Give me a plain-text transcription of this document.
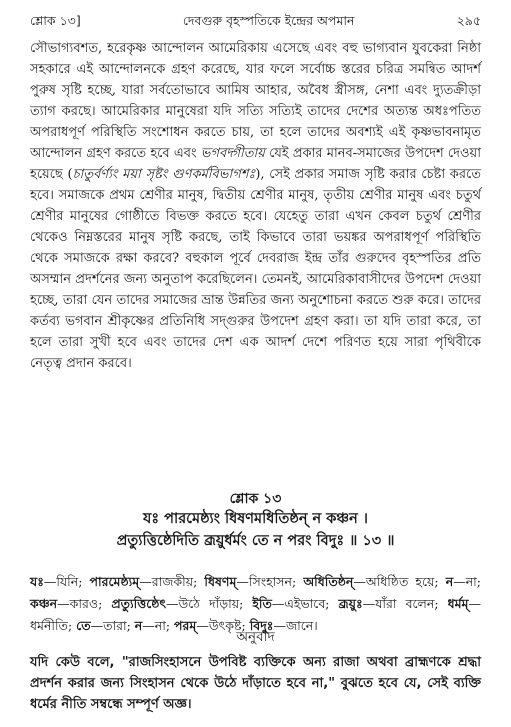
শ্লোক ১৩]	দেবগুরু বৃহস্পতিকে ইন্দ্রের অপমান	২৯৫
সৌভাগ্যবশত, হরেকৃষ্ণ আন্দোলন আমেরিকায় এসেছে এবং বহু ভাগ্যবান যুবকেরা নিষ্ঠা সহকারে এই আন্দোলনকে গ্রহণ করেছে, যার ফলে সর্বোচ্চ স্তরের চরিত্র সমন্বিত আদর্শ পুরুষ সৃষ্টি হচ্ছে, যারা সর্বতোভাবে আমিষ আহার, অবৈধ স্ত্রীসঙ্গ, নেশা এবং দ্যুতক্রীড়া ত্যাগ করছে। আমেরিকার মানুষেরা যদি সত্যি সত্যিই তাদের দেশের অত্যন্ত অধঃপতিত অপরাধপূর্ণ পরিস্থিতি সংশোধন করতে চায়, তা হলে তাদের অবশ্যই এই কৃষ্ণভাবনামৃত আন্দোলন গ্রহণ করতে হবে এবং ভগবদ্গীতায় যেই প্রকার মানব-সমাজের উপদেশ দেওয়া হয়েছে (চাতুর্বর্ণ্যং ময়া সৃষ্টং গুণকর্মবিভাগশঃ), সেই প্রকার সমাজ সৃষ্টি করার চেষ্টা করতে হবে। সমাজকে প্রথম শ্রেণীর মানুষ, দ্বিতীয় শ্রেণীর মানুষ, তৃতীয় শ্রেণীর মানুষ এবং চতুর্থ শ্রেণীর মানুষের গোষ্ঠীতে বিভক্ত করতে হবে। যেহেতু তারা এখন কেবল চতুর্থ শ্রেণীর থেকেও নিম্নস্তরের মানুষ সৃষ্টি করছে, তাই কিভাবে তারা ভয়ঙ্কর অপরাধপূর্ণ পরিস্থিতি থেকে সমাজকে রক্ষা করবে? বহুকাল পূর্বে দেবরাজ ইন্দ্র তাঁর গুরুদেব বৃহস্পতির প্রতি অসম্মান প্রদর্শনের জন্য অনুতাপ করেছিলেন। তেমনই, আমেরিকাবাসীদের উপদেশ দেওয়া হচ্ছে, তারা যেন তাদের সমাজের ভ্রান্ত উন্নতির জন্য অনুশোচনা করতে শুরু করে। তাদের কর্তব্য ভগবান শ্রীকৃষ্ণের প্রতিনিধি সদ্গুরুর উপদেশ গ্রহণ করা। তা যদি তারা করে, তা হলে তারা সুখী হবে এবং তাদের দেশ এক আদর্শ দেশে পরিণত হয়ে সারা পৃথিবীকে নেতৃত্ব প্রদান করবে।
শ্লোক ১৩
যঃ পারমেষ্ঠ্যং ধিষণমধিতিষ্ঠন্ ন কঞ্চন ।
প্রত্যুত্তিষ্ঠেদিতি ব্রূয়ুর্ধর্মং তে ন পরং বিদুঃ ॥ ১৩ ॥
যঃ—যিনি; পারমেষ্ঠ্যম্—রাজকীয়; ধিষণম্—সিংহাসন; অধিতিষ্ঠন্—অধিষ্ঠিত হয়ে; ন—না; কঞ্চন—কারও; প্রত্যুত্তিষ্ঠেৎ—উঠে দাঁড়ায়; ইতি—এইভাবে; ব্রূয়ুঃ—যাঁরা বলেন; ধর্মম্—ধর্মনীতি; তে—তারা; ন—না; পরম্—উৎকৃষ্ট; বিদুঃ—জানে।
অনুবাদ
যদি কেউ বলে, "রাজসিংহাসনে উপবিষ্ট ব্যক্তিকে অন্য রাজা অথবা ব্রাহ্মণকে শ্রদ্ধা প্রদর্শন করার জন্য সিংহাসন থেকে উঠে দাঁড়াতে হবে না," বুঝতে হবে যে, সেই ব্যক্তি ধর্মের নীতি সম্বন্ধে সম্পূর্ণ অজ্ঞ।
